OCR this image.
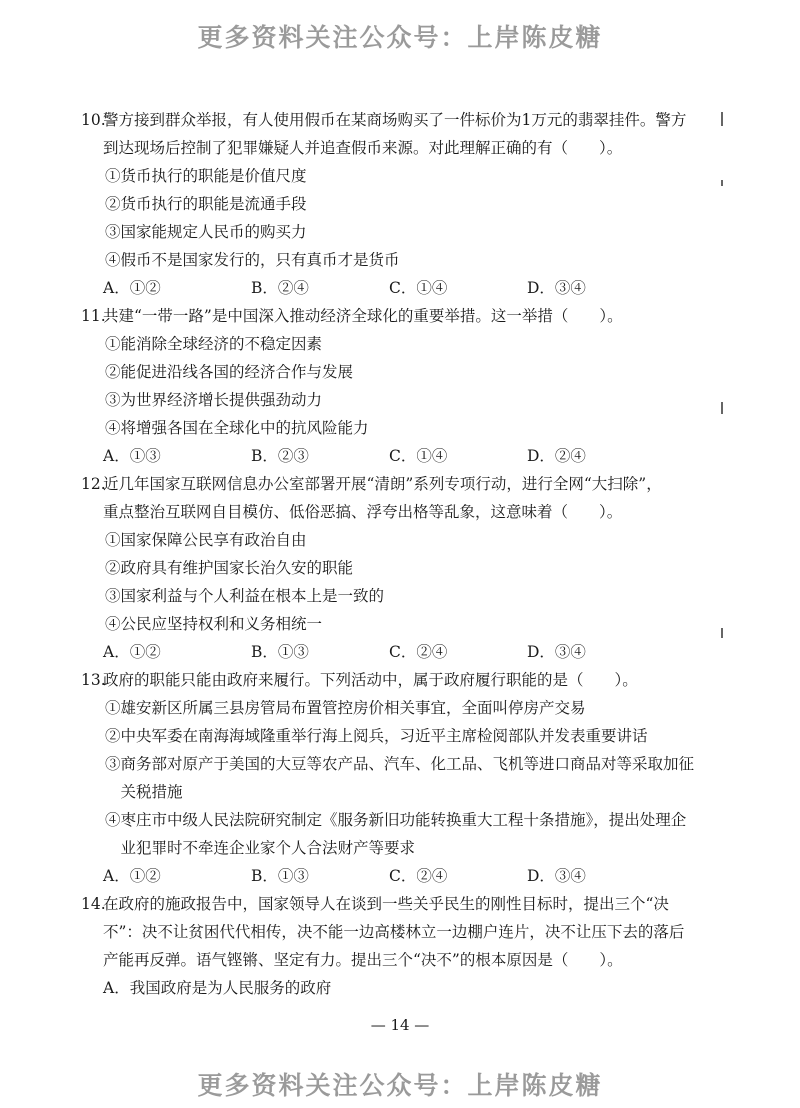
更多资料关注公众号：上岸陈皮糖
10.
警方接到群众举报，有人使用假币在某商场购买了一件标价为1万元的翡翠挂件。警方
到达现场后控制了犯罪嫌疑人并追查假币来源。对此理解正确的有（　　）。
①货币执行的职能是价值尺度
②货币执行的职能是流通手段
③国家能规定人民币的购买力
④假币不是国家发行的，只有真币才是货币
A．①②	B．②④	C．①④	D．③④
11.
共建“一带一路”是中国深入推动经济全球化的重要举措。这一举措（　　）。
①能消除全球经济的不稳定因素
②能促进沿线各国的经济合作与发展
③为世界经济增长提供强劲动力
④将增强各国在全球化中的抗风险能力
A．①③	B．②③	C．①④	D．②④
12.
近几年国家互联网信息办公室部署开展“清朗”系列专项行动，进行全网“大扫除”，
重点整治互联网自目模仿、低俗恶搞、浮夸出格等乱象，这意味着（　　）。
①国家保障公民享有政治自由
②政府具有维护国家长治久安的职能
③国家利益与个人利益在根本上是一致的
④公民应坚持权利和义务相统一
A．①②	B．①③	C．②④	D．③④
13.
政府的职能只能由政府来履行。下列活动中，属于政府履行职能的是（　　）。
①雄安新区所属三县房管局布置管控房价相关事宜，全面叫停房产交易
②中央军委在南海海域隆重举行海上阅兵，习近平主席检阅部队并发表重要讲话
③商务部对原产于美国的大豆等农产品、汽车、化工品、飞机等进口商品对等采取加征
　关税措施
④枣庄市中级人民法院研究制定《服务新旧功能转换重大工程十条措施》，提出处理企
　业犯罪时不牵连企业家个人合法财产等要求
A．①②	B．①③	C．②④	D．③④
14.
在政府的施政报告中，国家领导人在谈到一些关乎民生的刚性目标时，提出三个“决
不”：决不让贫困代代相传，决不能一边高楼林立一边棚户连片，决不让压下去的落后
产能再反弹。语气铿锵、坚定有力。提出三个“决不”的根本原因是（　　）。
A．我国政府是为人民服务的政府
— 14 —
更多资料关注公众号：上岸陈皮糖
